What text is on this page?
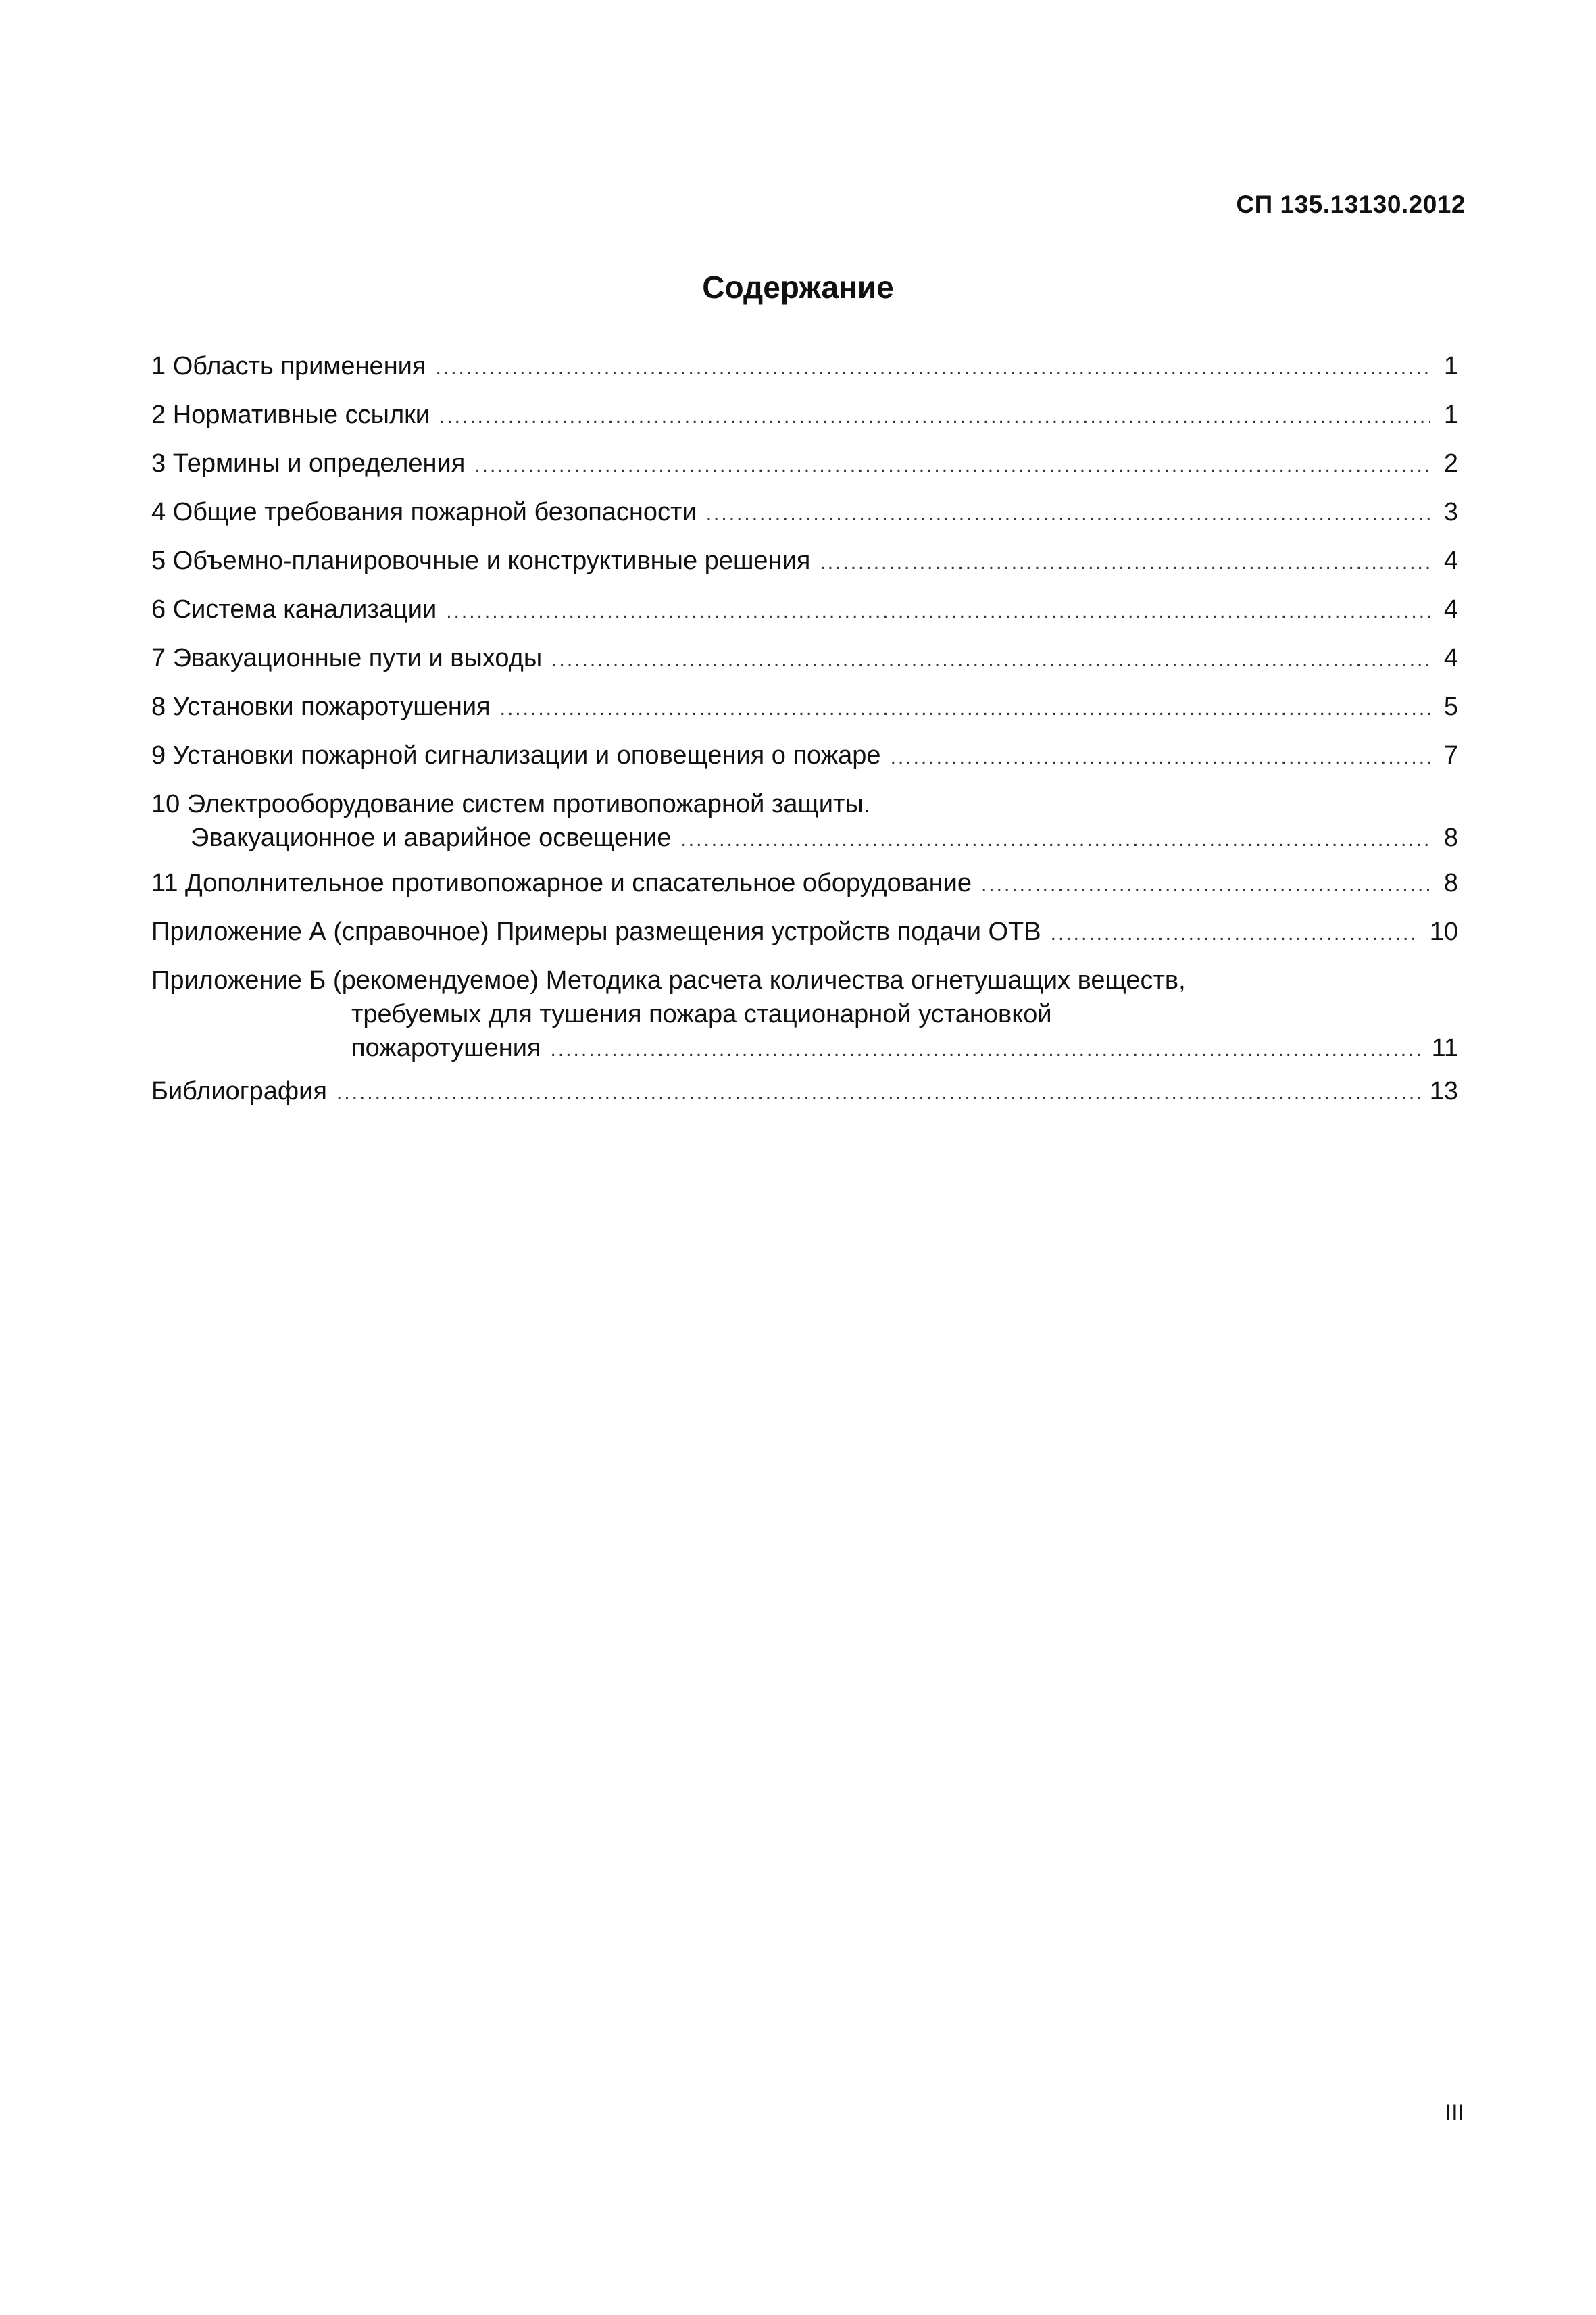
СП 135.13130.2012
Содержание
1 Область применения .....	1
2 Нормативные ссылки .....	1
3 Термины и определения .....	2
4 Общие требования пожарной безопасности .....	3
5 Объемно-планировочные и конструктивные решения .....	4
6 Система канализации .....	4
7 Эвакуационные пути и выходы .....	4
8 Установки пожаротушения .....	5
9 Установки пожарной сигнализации и оповещения о пожаре .....	7
10 Электрооборудование систем противопожарной защиты.
Эвакуационное и аварийное освещение .....	8
11 Дополнительное противопожарное и спасательное оборудование .....	8
Приложение А (справочное) Примеры размещения устройств подачи ОТВ .....	10
Приложение Б (рекомендуемое) Методика расчета количества огнетушащих веществ,
требуемых для тушения пожара стационарной установкой
пожаротушения .....	11
Библиография .....	13
III
